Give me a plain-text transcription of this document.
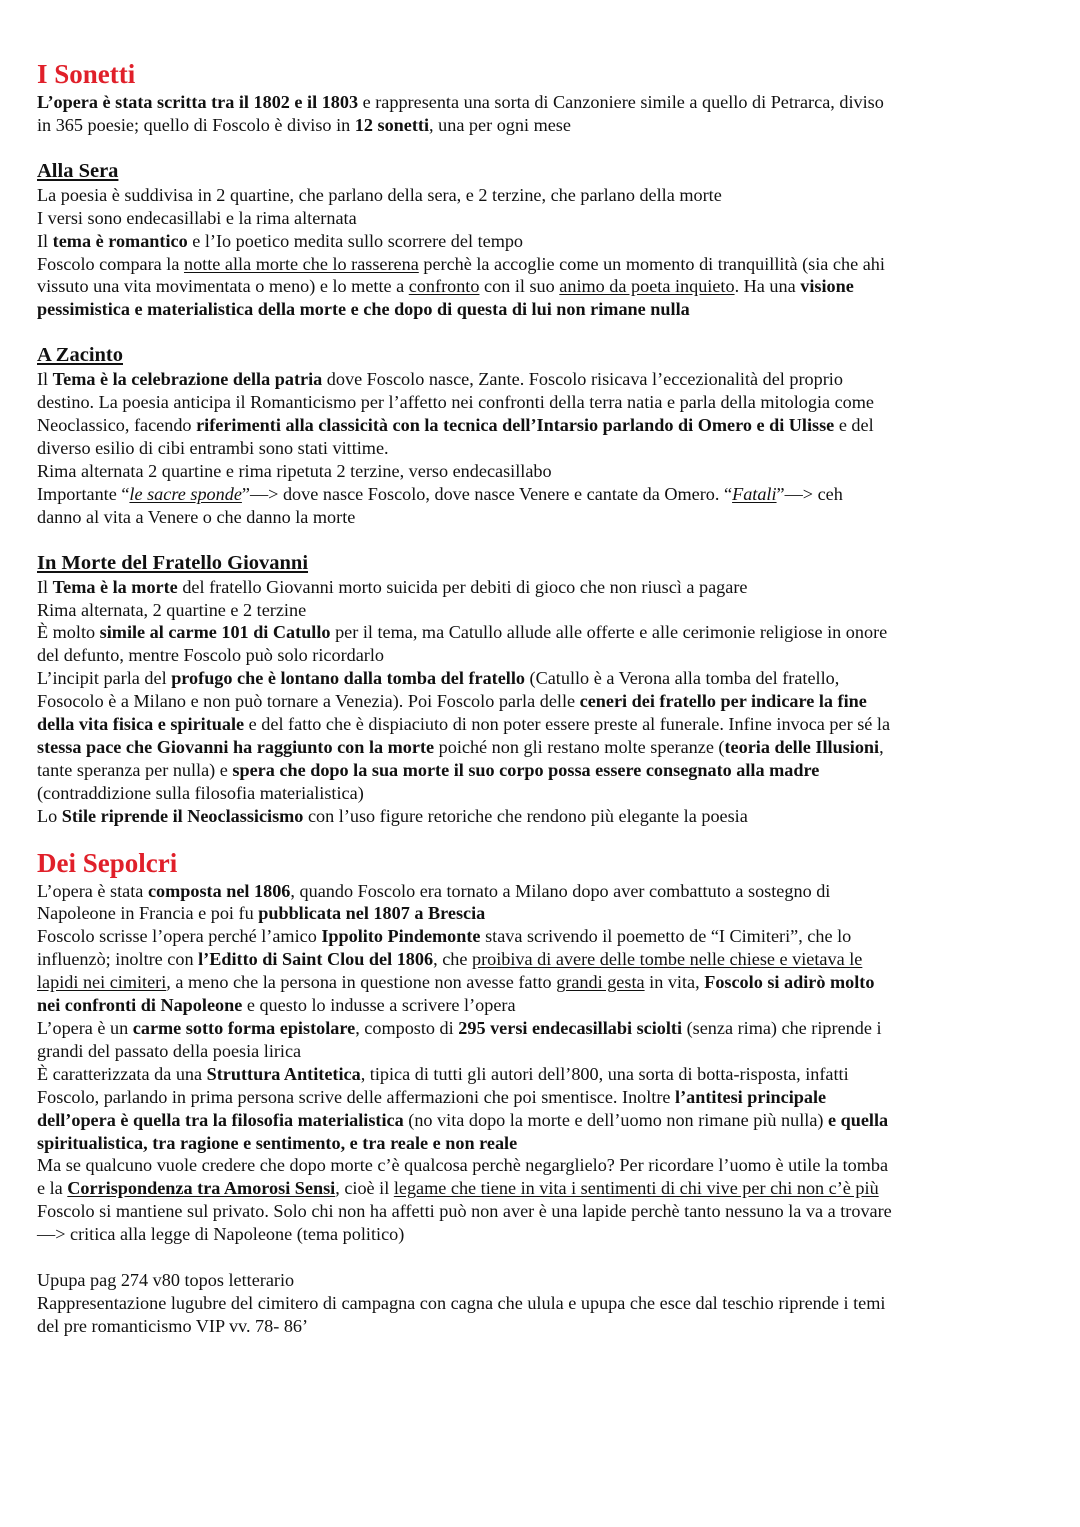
I Sonetti

L’opera è stata scritta tra il 1802 e il 1803 e rappresenta una sorta di Canzoniere simile a quello di Petrarca, diviso

in 365 poesie; quello di Foscolo è diviso in 12 sonetti, una per ogni mese

Alla Sera

La poesia è suddivisa in 2 quartine, che parlano della sera, e 2 terzine, che parlano della morte

I versi sono endecasillabi e la rima alternata

Il tema è romantico e l’Io poetico medita sullo scorrere del tempo

Foscolo compara la notte alla morte che lo rasserena perchè la accoglie come un momento di tranquillità (sia che ahi

vissuto una vita movimentata o meno) e lo mette a confronto con il suo animo da poeta inquieto. Ha una visione

pessimistica e materialistica della morte e che dopo di questa di lui non rimane nulla

A Zacinto

Il Tema è la celebrazione della patria dove Foscolo nasce, Zante. Foscolo risicava l’eccezionalità del proprio

destino. La poesia anticipa il Romanticismo per l’affetto nei confronti della terra natia e parla della mitologia come

Neoclassico, facendo riferimenti alla classicità con la tecnica dell’Intarsio parlando di Omero e di Ulisse e del

diverso esilio di cibi entrambi sono stati vittime.

Rima alternata 2 quartine e rima ripetuta 2 terzine, verso endecasillabo

Importante “le sacre sponde”—> dove nasce Foscolo, dove nasce Venere e cantate da Omero. “Fatali”—> ceh

danno al vita a Venere o che danno la morte

In Morte del Fratello Giovanni

Il Tema è la morte del fratello Giovanni morto suicida per debiti di gioco che non riuscì a pagare

Rima alternata, 2 quartine e 2 terzine

È molto simile al carme 101 di Catullo per il tema, ma Catullo allude alle offerte e alle cerimonie religiose in onore

del defunto, mentre Foscolo può solo ricordarlo

L’incipit parla del profugo che è lontano dalla tomba del fratello (Catullo è a Verona alla tomba del fratello,

Fosocolo è a Milano e non può tornare a Venezia). Poi Foscolo parla delle ceneri dei fratello per indicare la fine

della vita fisica e spirituale e del fatto che è dispiaciuto di non poter essere preste al funerale. Infine invoca per sé la

stessa pace che Giovanni ha raggiunto con la morte poiché non gli restano molte speranze (teoria delle Illusioni,

tante speranza per nulla) e spera che dopo la sua morte il suo corpo possa essere consegnato alla madre

(contraddizione sulla filosofia materialistica)

Lo Stile riprende il Neoclassicismo con l’uso figure retoriche che rendono più elegante la poesia

Dei Sepolcri

L’opera è stata composta nel 1806, quando Foscolo era tornato a Milano dopo aver combattuto a sostegno di

Napoleone in Francia e poi fu pubblicata nel 1807 a Brescia

Foscolo scrisse l’opera perché l’amico Ippolito Pindemonte stava scrivendo il poemetto de “I Cimiteri”, che lo

influenzò; inoltre con l’Editto di Saint Clou del 1806, che proibiva di avere delle tombe nelle chiese e vietava le

lapidi nei cimiteri, a meno che la persona in questione non avesse fatto grandi gesta in vita, Foscolo si adirò molto

nei confronti di Napoleone e questo lo indusse a scrivere l’opera

L’opera è un carme sotto forma epistolare, composto di 295 versi endecasillabi sciolti (senza rima) che riprende i

grandi del passato della poesia lirica

È caratterizzata da una Struttura Antitetica, tipica di tutti gli autori dell’800, una sorta di botta-risposta, infatti

Foscolo, parlando in prima persona scrive delle affermazioni che poi smentisce. Inoltre l’antitesi principale

dell’opera è quella tra la filosofia materialistica (no vita dopo la morte e dell’uomo non rimane più nulla) e quella

spiritualistica, tra ragione e sentimento, e tra reale e non reale

Ma se qualcuno vuole credere che dopo morte c’è qualcosa perchè negarglielo? Per ricordare l’uomo è utile la tomba

e la Corrispondenza tra Amorosi Sensi, cioè il legame che tiene in vita i sentimenti di chi vive per chi non c’è più

Foscolo si mantiene sul privato. Solo chi non ha affetti può non aver è una lapide perchè tanto nessuno la va a trovare

—> critica alla legge di Napoleone (tema politico)

Upupa pag 274 v80 topos letterario

Rappresentazione lugubre del cimitero di campagna con cagna che ulula e upupa che esce dal teschio riprende i temi

del pre romanticismo VIP vv. 78- 86’
